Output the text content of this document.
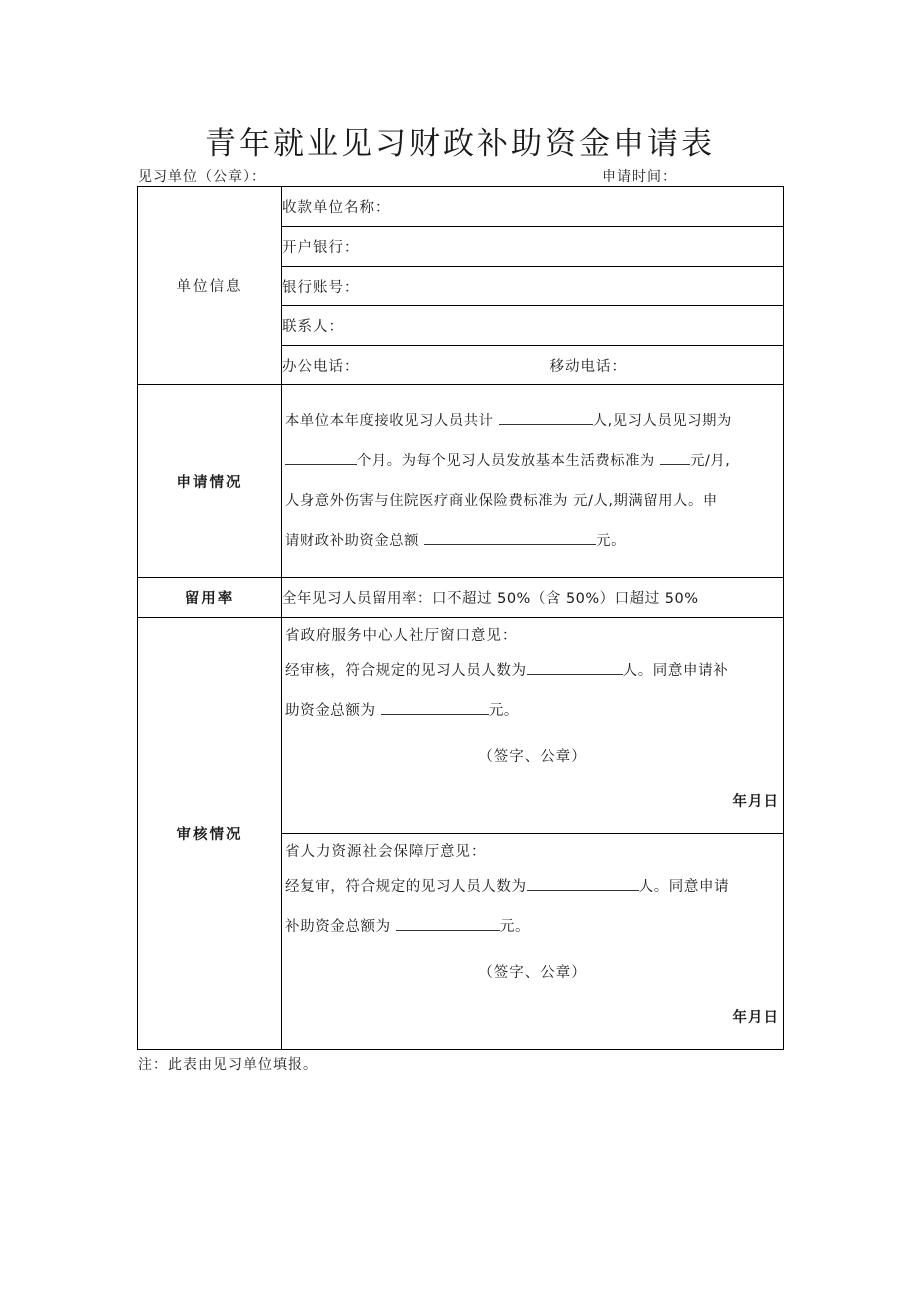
青年就业见习财政补助资金申请表
见习单位（公章）：	申请时间：
单位信息	收款单位名称：
	开户银行：
	银行账号：
	联系人：

	办公电话： 移动电话：

申请情况	本单位本年度接收见习人员共计 人,见习人员见习期为
个月。为每个见习人员发放基本生活费标准为 元/月,
人身意外伤害与住院医疗商业保险费标准为 元/人,期满留用人。申
请财政补助资金总额 元。

留用率	全年见习人员留用率：口不超过 50%（含 50%）口超过 50%
审核情况	省政府服务中心人社厅窗口意见：
经审核，符合规定的见习人员人数为 人。同意申请补
助资金总额为 元。
（签字、公章）
年月日

	省人力资源社会保障厅意见：
经复审，符合规定的见习人员人数为 人。同意申请
补助资金总额为 元。
（签字、公章）
年月日
注：此表由见习单位填报。
